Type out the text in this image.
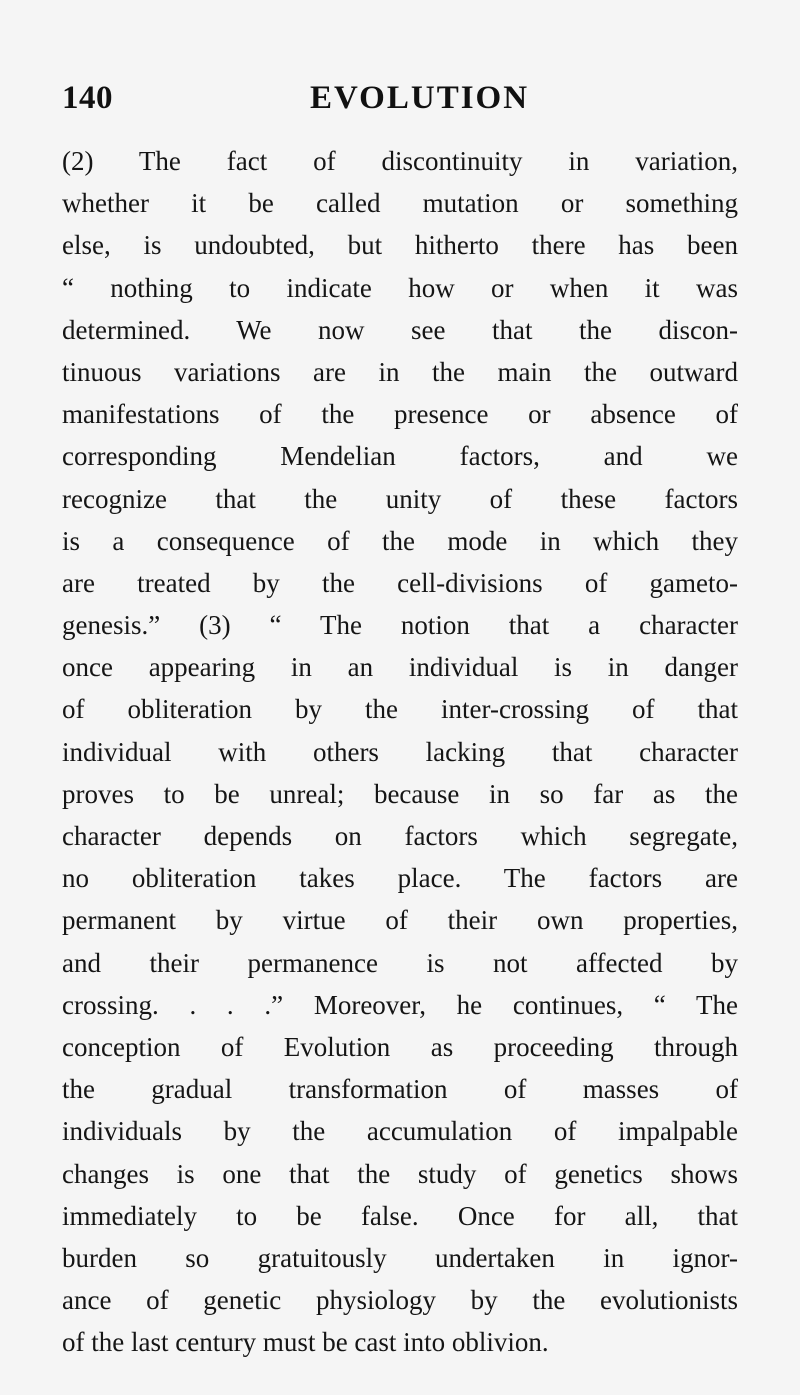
140	EVOLUTION
(2) The fact of discontinuity in variation,
whether it be called mutation or something
else, is undoubted, but hitherto there has been
“ nothing to indicate how or when it was
determined. We now see that the discon-
tinuous variations are in the main the outward
manifestations of the presence or absence of
corresponding Mendelian factors, and we
recognize that the unity of these factors
is a consequence of the mode in which they
are treated by the cell-divisions of gameto-
genesis.” (3) “ The notion that a character
once appearing in an individual is in danger
of obliteration by the inter-crossing of that
individual with others lacking that character
proves to be unreal; because in so far as the
character depends on factors which segregate,
no obliteration takes place. The factors are
permanent by virtue of their own properties,
and their permanence is not affected by
crossing. . . .” Moreover, he continues, “ The
conception of Evolution as proceeding through
the gradual transformation of masses of
individuals by the accumulation of impalpable
changes is one that the study of genetics shows
immediately to be false. Once for all, that
burden so gratuitously undertaken in ignor-
ance of genetic physiology by the evolutionists
of the last century must be cast into oblivion.
